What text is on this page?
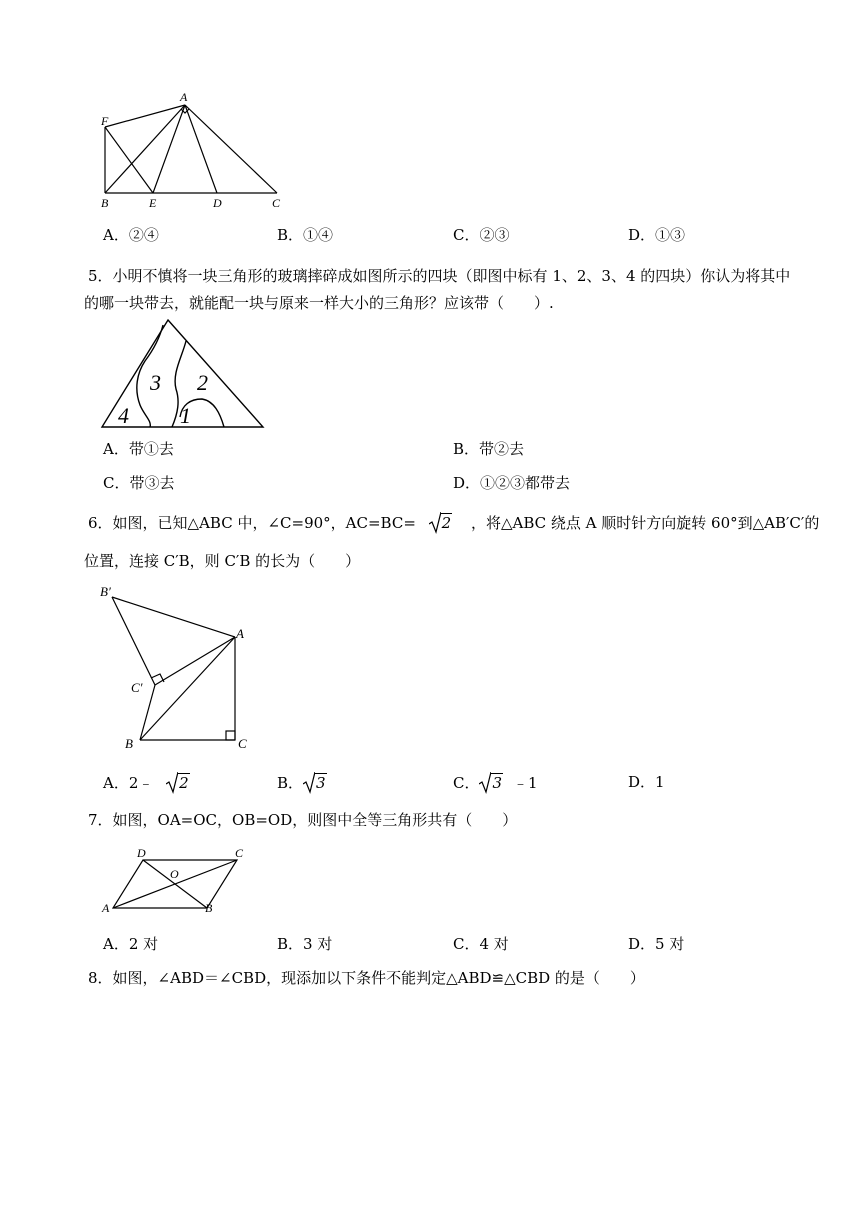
A
F
B	E	D	C
A．②④	B．①④	C．②③	D．①③
5．小明不慎将一块三角形的玻璃摔碎成如图所示的四块（即图中标有 1、2、3、4 的四块）你认为将其中
的哪一块带去，就能配一块与原来一样大小的三角形？应该带（　　）.
3 2
4 1
A．带①去	B．带②去
C．带③去	D．①②③都带去
6．如图，已知△ABC 中，∠C=90°，AC=BC= 2 ，将△ABC 绕点 A 顺时针方向旋转 60°到△AB′C′的
位置，连接 C′B，则 C′B 的长为（　　）
B′
A
C′
B	C
A．2﹣ 2	B． 3	C． 3 ﹣1	D．1
7．如图，OA=OC，OB=OD，则图中全等三角形共有（　　）
D	C
O
A	B
A．2 对	B．3 对	C．4 对	D．5 对
8．如图，∠ABD＝∠CBD，现添加以下条件不能判定△ABD≌△CBD 的是（　　）
